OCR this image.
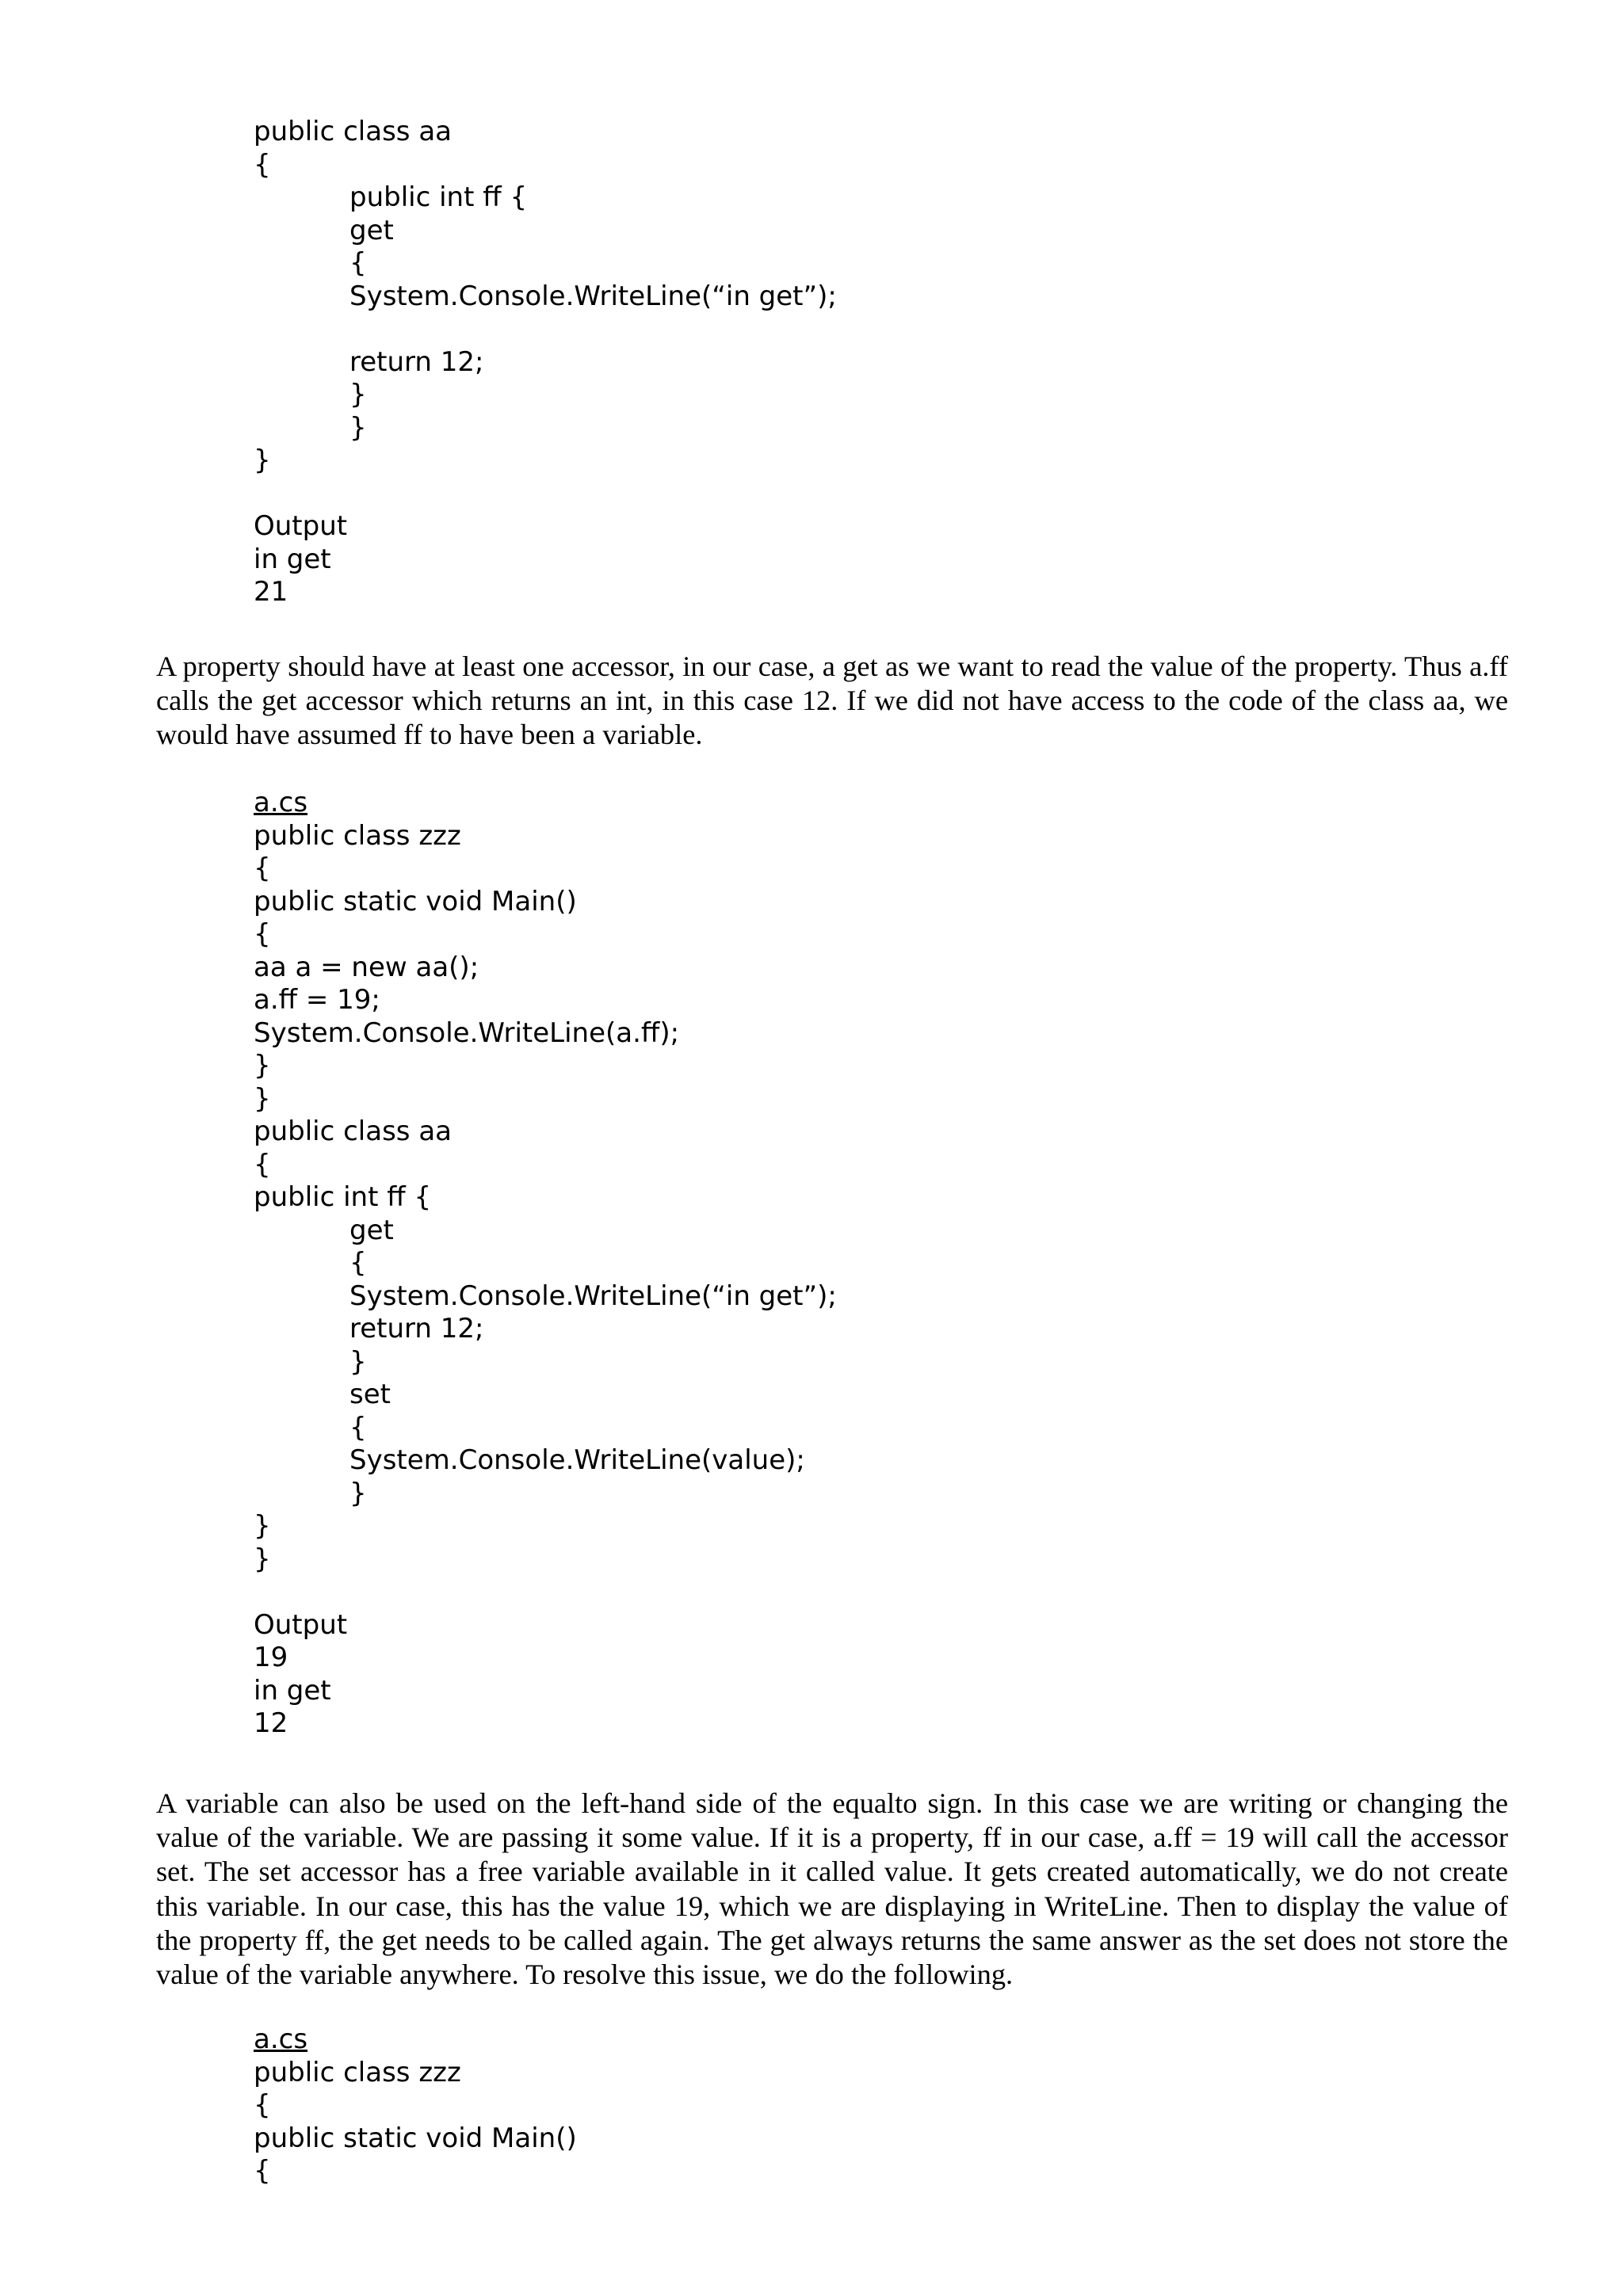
public class aa
{
public int ff {
get
{
System.Console.WriteLine(“in get”);
return 12;
}
}
}
Output
in get
21

A property should have at least one accessor, in our case, a get as we want to read the value of the property. Thus a.ff calls the get accessor which returns an int, in this case 12. If we did not have access to the code of the class aa, we would have assumed ff to have been a variable.

a.cs
public class zzz
{
public static void Main()
{
aa a = new aa();
a.ff = 19;
System.Console.WriteLine(a.ff);
}
}
public class aa
{
public int ff {
get
{
System.Console.WriteLine(“in get”);
return 12;
}
set
{
System.Console.WriteLine(value);
}
}
}
Output
19
in get
12

A variable can also be used on the left-hand side of the equalto sign. In this case we are writing or changing the value of the variable. We are passing it some value. If it is a property, ff in our case, a.ff = 19 will call the accessor set. The set accessor has a free variable available in it called value. It gets created automatically, we do not create this variable. In our case, this has the value 19, which we are displaying in WriteLine. Then to display the value of the property ff, the get needs to be called again. The get always returns the same answer as the set does not store the value of the variable anywhere. To resolve this issue, we do the following.

a.cs
public class zzz
{
public static void Main()
{
